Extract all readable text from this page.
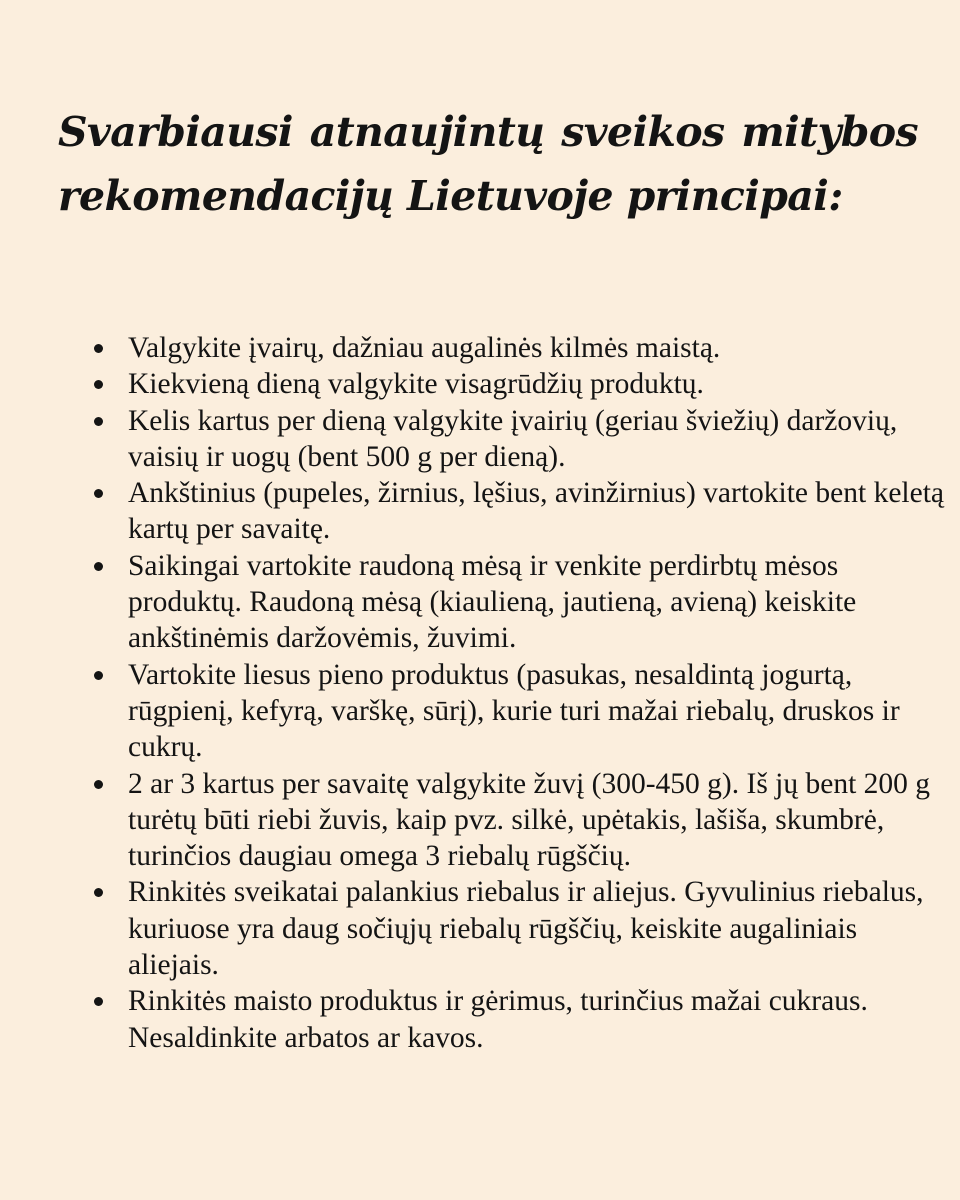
Svarbiausi atnaujintų sveikos mitybos
rekomendacijų Lietuvoje principai:
Valgykite įvairų, dažniau augalinės kilmės maistą.
Kiekvieną dieną valgykite visagrūdžių produktų.
Kelis kartus per dieną valgykite įvairių (geriau šviežių) daržovių, vaisių ir uogų (bent 500 g per dieną).
Ankštinius (pupeles, žirnius, lęšius, avinžirnius) vartokite bent keletą kartų per savaitę.
Saikingai vartokite raudoną mėsą ir venkite perdirbtų mėsos produktų. Raudoną mėsą (kiaulieną, jautieną, avieną) keiskite ankštinėmis daržovėmis, žuvimi.
Vartokite liesus pieno produktus (pasukas, nesaldintą jogurtą, rūgpienį, kefyrą, varškę, sūrį), kurie turi mažai riebalų, druskos ir cukrų.
2 ar 3 kartus per savaitę valgykite žuvį (300-450 g). Iš jų bent 200 g turėtų būti riebi žuvis, kaip pvz. silkė, upėtakis, lašiša, skumbrė, turinčios daugiau omega 3 riebalų rūgščių.
Rinkitės sveikatai palankius riebalus ir aliejus. Gyvulinius riebalus, kuriuose yra daug sočiųjų riebalų rūgščių, keiskite augaliniais aliejais.
Rinkitės maisto produktus ir gėrimus, turinčius mažai cukraus. Nesaldinkite arbatos ar kavos.
